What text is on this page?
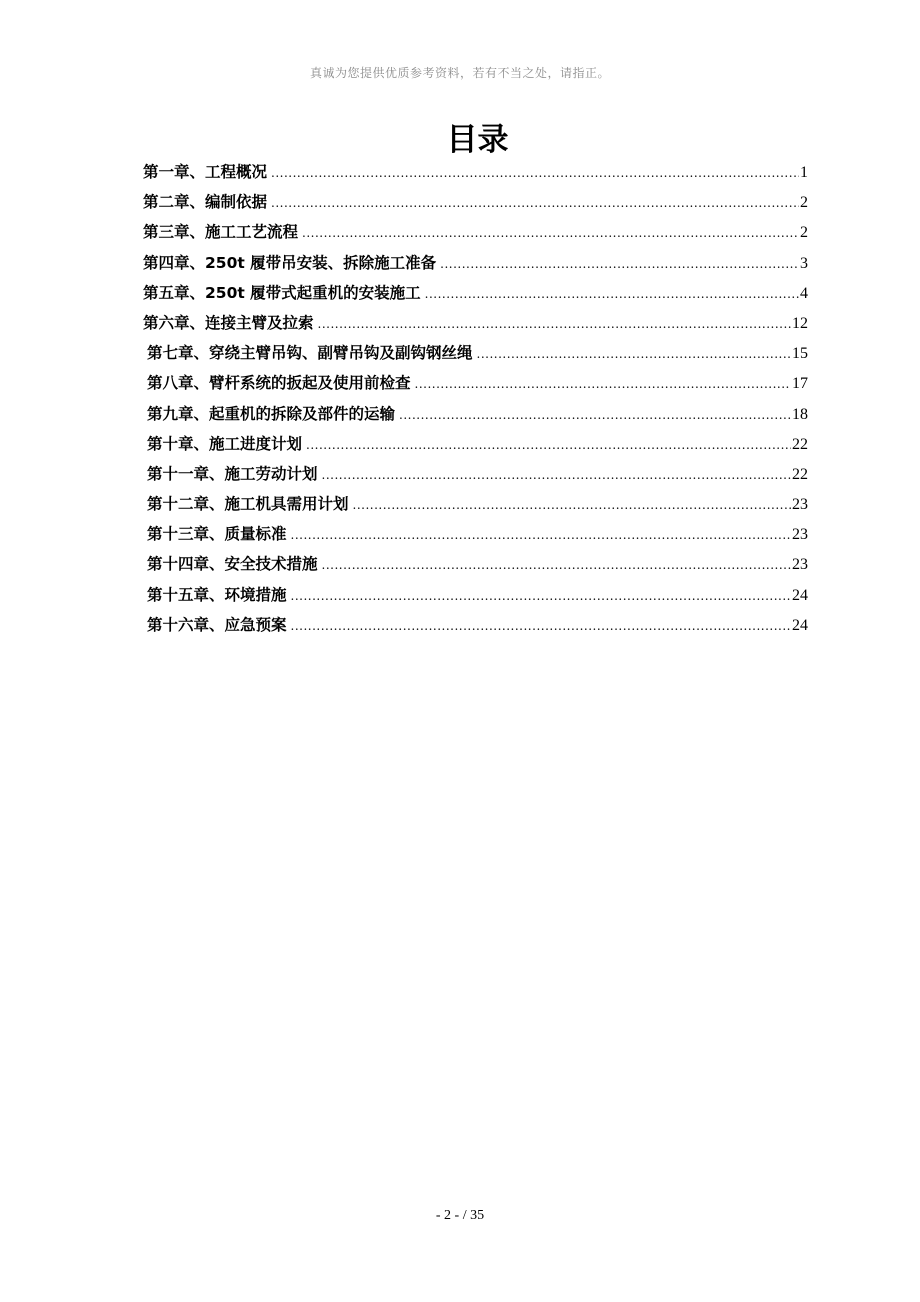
真诚为您提供优质参考资料，若有不当之处，请指正。
目录
第一章、工程概况 .....	1
第二章、编制依据 .....	2
第三章、施工工艺流程 .....	2
第四章、250t 履带吊安装、拆除施工准备 .....	3
第五章、250t 履带式起重机的安装施工 .....	4
第六章、连接主臂及拉索 .....	12
第七章、穿绕主臂吊钩、副臂吊钩及副钩钢丝绳 .....	15
第八章、臂杆系统的扳起及使用前检查 .....	17
第九章、起重机的拆除及部件的运输 .....	18
第十章、施工进度计划 .....	22
第十一章、施工劳动计划 .....	22
第十二章、施工机具需用计划 .....	23
第十三章、质量标准 .....	23
第十四章、安全技术措施 .....	23
第十五章、环境措施 .....	24
第十六章、应急预案 .....	24
- 2 - / 35
